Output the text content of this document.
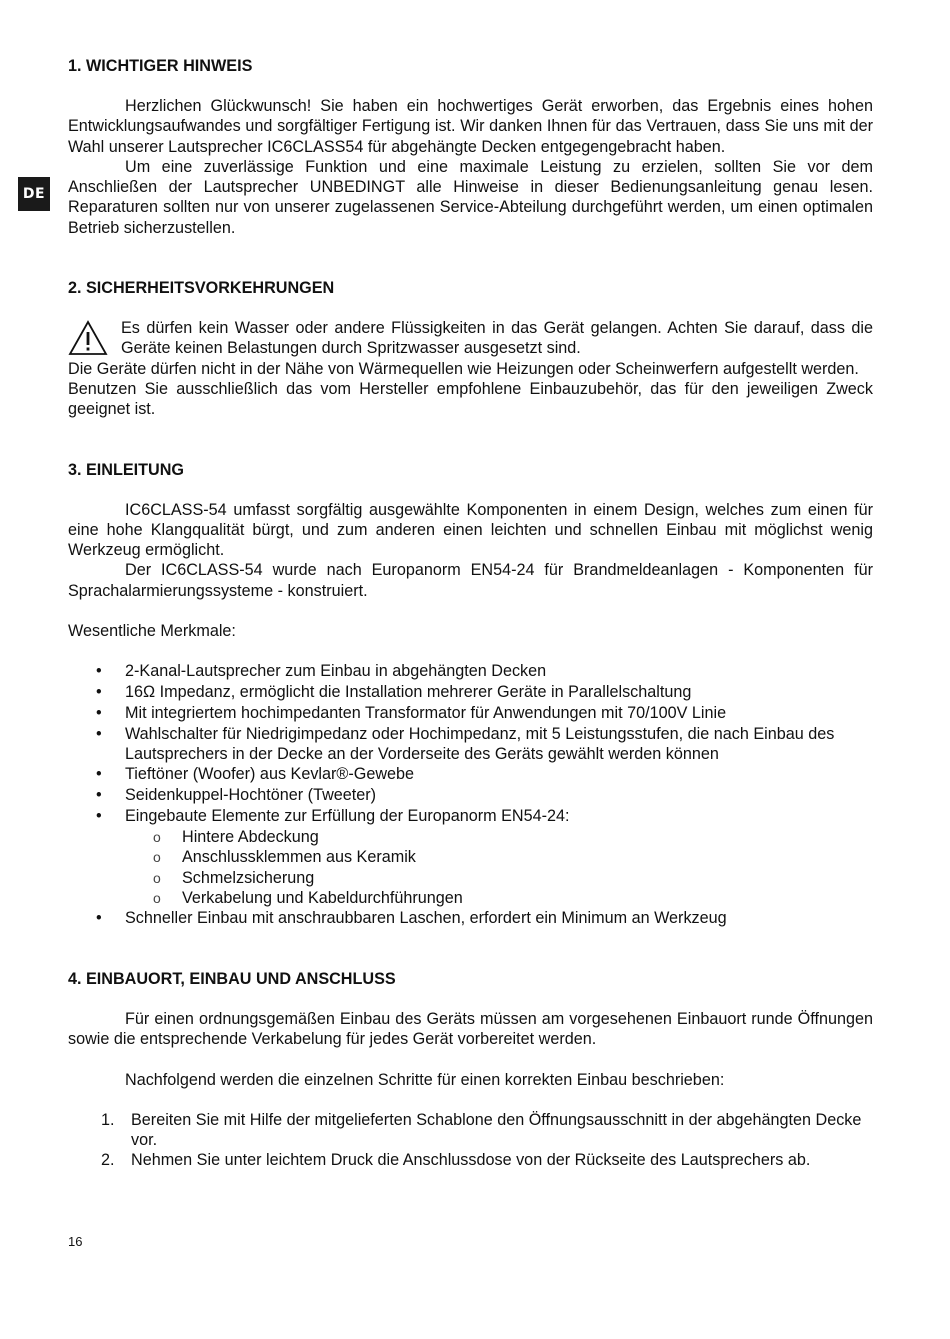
DE
1. WICHTIGER HINWEIS

Herzlichen Glückwunsch! Sie haben ein hochwertiges Gerät erworben, das Ergebnis eines hohen Entwicklungsaufwandes und sorgfältiger Fertigung ist. Wir danken Ihnen für das Vertrauen, dass Sie uns mit der Wahl unserer Lautsprecher IC6CLASS54 für abgehängte Decken entgegengebracht haben.

Um eine zuverlässige Funktion und eine maximale Leistung zu erzielen, sollten Sie vor dem Anschließen der Lautsprecher UNBEDINGT alle Hinweise in dieser Bedienungsanleitung genau lesen. Reparaturen sollten nur von unserer zugelassenen Service-Abteilung durchgeführt werden, um einen optimalen Betrieb sicherzustellen.

2. SICHERHEITSVORKEHRUNGEN

Es dürfen kein Wasser oder andere Flüssigkeiten in das Gerät gelangen. Achten Sie darauf, dass die Geräte keinen Belastungen durch Spritzwasser ausgesetzt sind.

Die Geräte dürfen nicht in der Nähe von Wärmequellen wie Heizungen oder Scheinwerfern aufgestellt werden.

Benutzen Sie ausschließlich das vom Hersteller empfohlene Einbauzubehör, das für den jeweiligen Zweck geeignet ist.

3. EINLEITUNG

IC6CLASS-54 umfasst sorgfältig ausgewählte Komponenten in einem Design, welches zum einen für eine hohe Klangqualität bürgt, und zum anderen einen leichten und schnellen Einbau mit möglichst wenig Werkzeug ermöglicht.

Der IC6CLASS-54 wurde nach Europanorm EN54-24 für Brandmeldeanlagen - Komponenten für Sprachalarmierungssysteme - konstruiert.

Wesentliche Merkmale:

• 2-Kanal-Lautsprecher zum Einbau in abgehängten Decken
• 16Ω Impedanz, ermöglicht die Installation mehrerer Geräte in Parallelschaltung
• Mit integriertem hochimpedanten Transformator für Anwendungen mit 70/100V Linie
• Wahlschalter für Niedrigimpedanz oder Hochimpedanz, mit 5 Leistungsstufen, die nach Einbau des Lautsprechers in der Decke an der Vorderseite des Geräts gewählt werden können
• Tieftöner (Woofer) aus Kevlar®-Gewebe
• Seidenkuppel-Hochtöner (Tweeter)
• Eingebaute Elemente zur Erfüllung der Europanorm EN54-24:
o Hintere Abdeckung
o Anschlussklemmen aus Keramik
o Schmelzsicherung
o Verkabelung und Kabeldurchführungen
• Schneller Einbau mit anschraubbaren Laschen, erfordert ein Minimum an Werkzeug
4. EINBAUORT, EINBAU UND ANSCHLUSS

Für einen ordnungsgemäßen Einbau des Geräts müssen am vorgesehenen Einbauort runde Öffnungen sowie die entsprechende Verkabelung für jedes Gerät vorbereitet werden.

Nachfolgend werden die einzelnen Schritte für einen korrekten Einbau beschrieben:

1. Bereiten Sie mit Hilfe der mitgelieferten Schablone den Öffnungsausschnitt in der abgehängten Decke vor.
2. Nehmen Sie unter leichtem Druck die Anschlussdose von der Rückseite des Lautsprechers ab.
16
